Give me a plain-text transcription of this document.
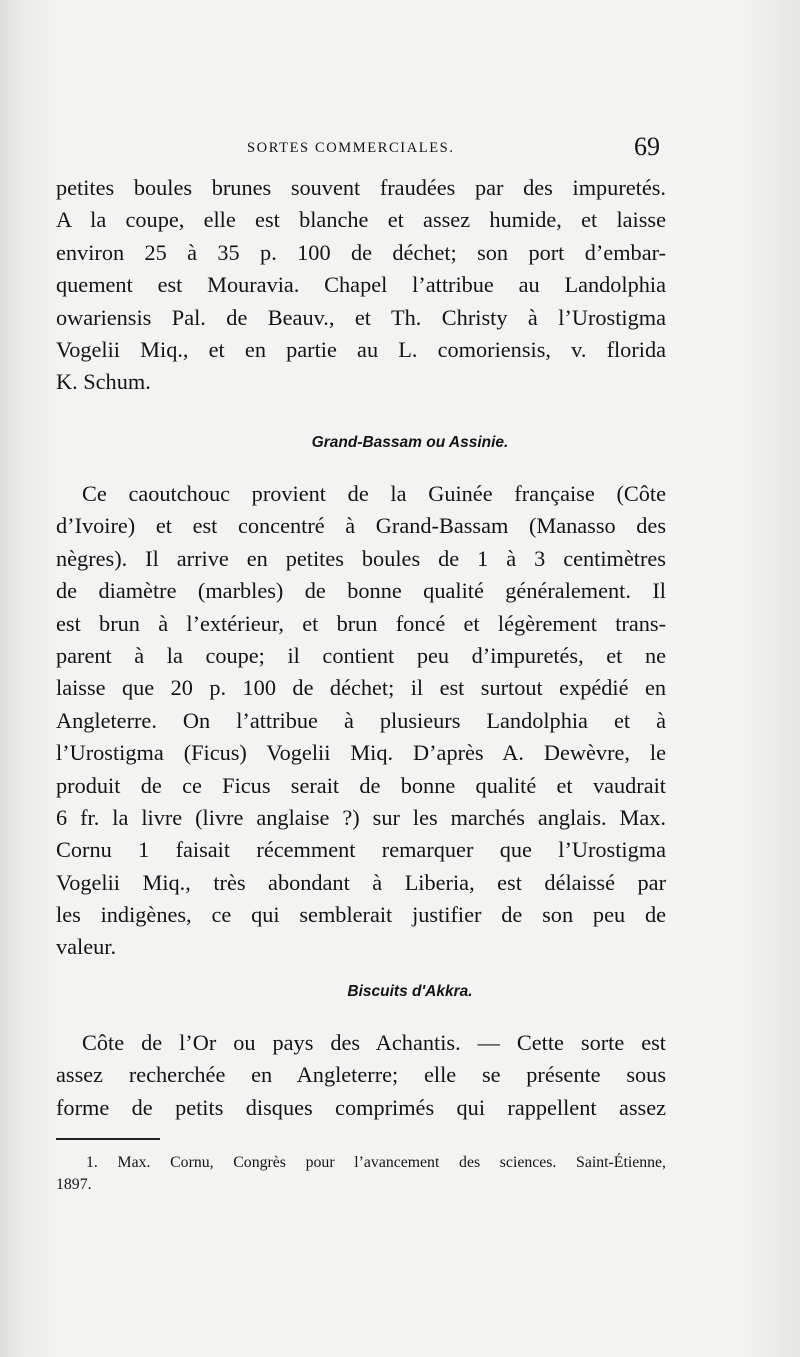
SORTES COMMERCIALES.	69
petites boules brunes souvent fraudées par des impuretés.
A la coupe, elle est blanche et assez humide, et laisse
environ 25 à 35 p. 100 de déchet; son port d’embar-
quement est Mouravia. Chapel l’attribue au Landolphia
owariensis Pal. de Beauv., et Th. Christy à l’Urostigma
Vogelii Miq., et en partie au L. comoriensis, v. florida
K. Schum.
Grand-Bassam ou Assinie.
Ce caoutchouc provient de la Guinée française (Côte
d’Ivoire) et est concentré à Grand-Bassam (Manasso des
nègres). Il arrive en petites boules de 1 à 3 centimètres
de diamètre (marbles) de bonne qualité généralement. Il
est brun à l’extérieur, et brun foncé et légèrement trans-
parent à la coupe; il contient peu d’impuretés, et ne
laisse que 20 p. 100 de déchet; il est surtout expédié en
Angleterre. On l’attribue à plusieurs Landolphia et à
l’Urostigma (Ficus) Vogelii Miq. D’après A. Dewèvre, le
produit de ce Ficus serait de bonne qualité et vaudrait
6 fr. la livre (livre anglaise ?) sur les marchés anglais. Max.
Cornu 1 faisait récemment remarquer que l’Urostigma
Vogelii Miq., très abondant à Liberia, est délaissé par
les indigènes, ce qui semblerait justifier de son peu de
valeur.
Biscuits d'Akkra.
Côte de l’Or ou pays des Achantis. — Cette sorte est
assez recherchée en Angleterre; elle se présente sous
forme de petits disques comprimés qui rappellent assez
1. Max. Cornu, Congrès pour l’avancement des sciences. Saint-Étienne,
1897.
